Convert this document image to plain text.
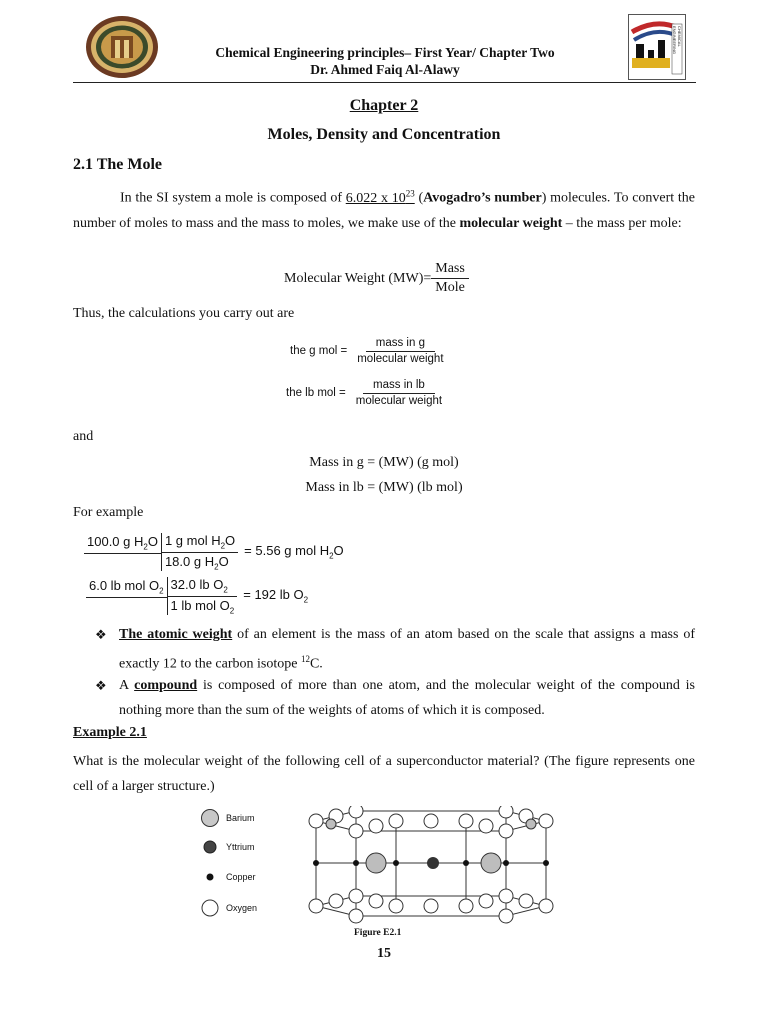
CHEMICAL ENGINEERING
Chemical Engineering principles– First Year/ Chapter Two
Dr. Ahmed Faiq Al-Alawy
Chapter 2
Moles, Density and Concentration
2.1 The Mole
In the SI system a mole is composed of 6.022 x $10^{23}$ (Avogadro’s number) molecules. To convert the number of moles to mass and the mass to moles, we make use of the molecular weight – the mass per mole:
Molecular Weight $(MW)= \frac{\text{Mass}}{\text{Mole}}$
Thus, the calculations you carry out are
the g mol = $\frac{\text{mass in g}}{\text{molecular weight}}$
the lb mol = $\frac{\text{mass in lb}}{\text{molecular weight}}$
and
Mass in g = (MW) (g mol)
Mass in lb = (MW) (lb mol)
For example
100.0 g $H_2O$
1 g mol $H_2O$
18.0 g $H_2O$
= 5.56 g mol $H_2O$
6.0 lb mol $O_2$
32.0 lb $O_2$
1 lb mol $O_2$
= 192 lb $O_2$
❖ The atomic weight of an element is the mass of an atom based on the scale that assigns a mass of exactly 12 to the carbon isotope $^{12}$C.
❖ A compound is composed of more than one atom, and the molecular weight of the compound is nothing more than the sum of the weights of atoms of which it is composed.
Example 2.1
What is the molecular weight of the following cell of a superconductor material? (The figure represents one cell of a larger structure.)
Barium
Yttrium
Copper
Oxygen
Figure E2.1
15
